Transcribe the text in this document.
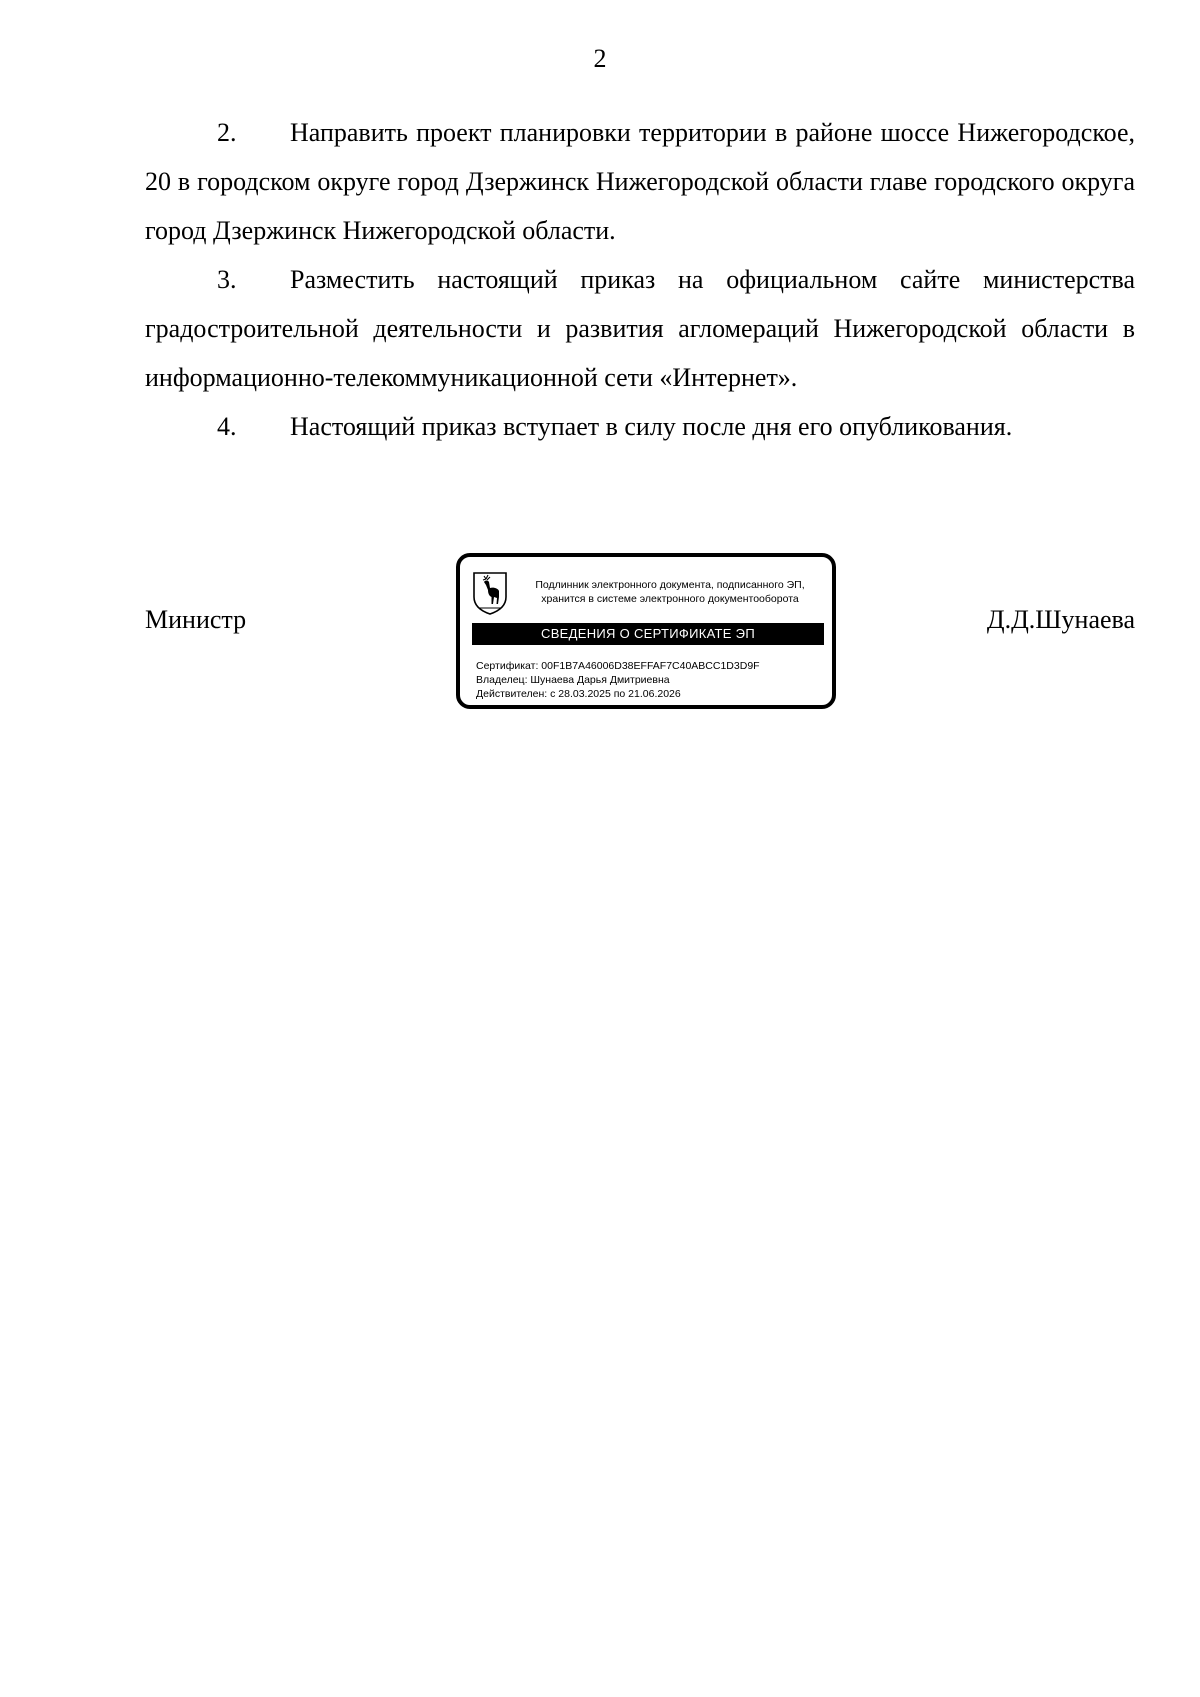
2

2. Направить проект планировки территории в районе шоссе Нижегородское, 20 в городском округе город Дзержинск Нижегородской области главе городского округа город Дзержинск Нижегородской области.

3. Разместить настоящий приказ на официальном сайте министерства градостроительной деятельности и развития агломераций Нижегородской области в информационно-телекоммуникационной сети «Интернет».

4. Настоящий приказ вступает в силу после дня его опубликования.

Министр
Подлинник электронного документа, подписанного ЭП,
хранится в системе электронного документооборота
СВЕДЕНИЯ О СЕРТИФИКАТЕ ЭП
Сертификат: 00F1B7A46006D38EFFAF7C40ABCC1D3D9F
Владелец: Шунаева Дарья Дмитриевна
Действителен: с 28.03.2025 по 21.06.2026
Д.Д.Шунаева
